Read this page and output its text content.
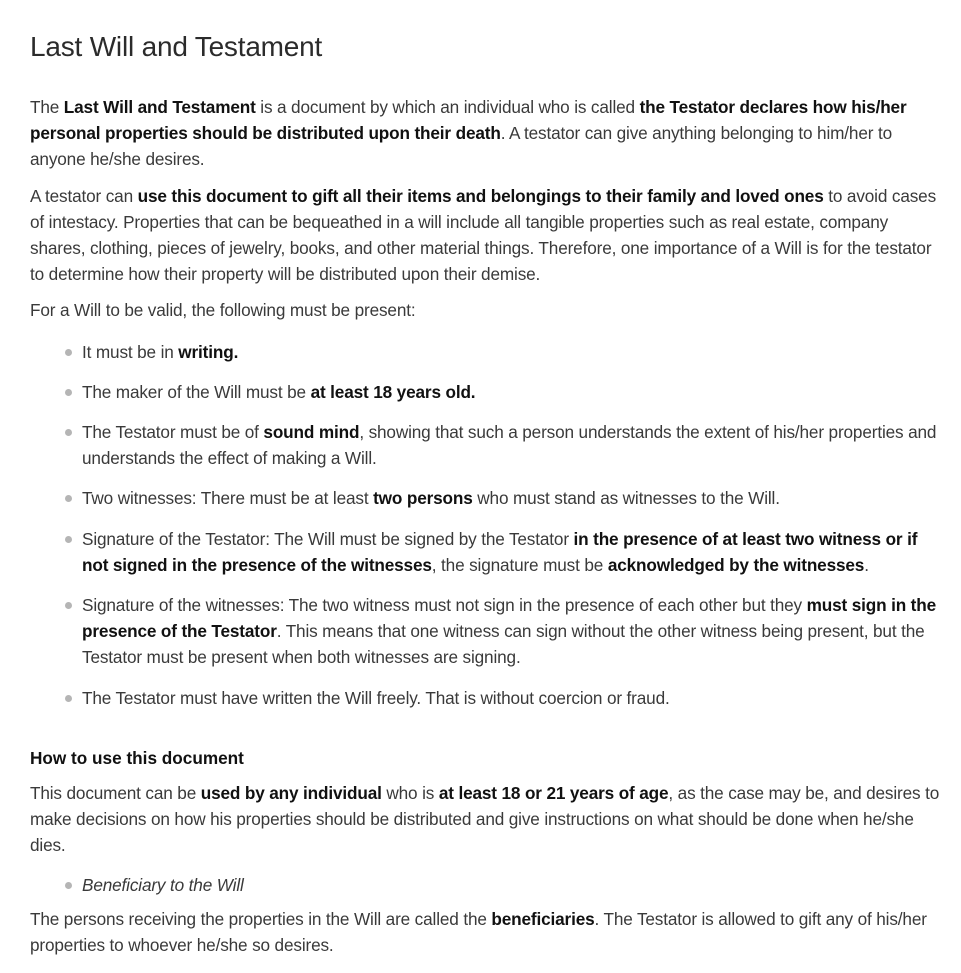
Last Will and Testament

The Last Will and Testament is a document by which an individual who is called the Testator declares how his/her personal properties should be distributed upon their death. A testator can give anything belonging to him/her to anyone he/she desires.

A testator can use this document to gift all their items and belongings to their family and loved ones to avoid cases of intestacy. Properties that can be bequeathed in a will include all tangible properties such as real estate, company shares, clothing, pieces of jewelry, books, and other material things. Therefore, one importance of a Will is for the testator to determine how their property will be distributed upon their demise.

For a Will to be valid, the following must be present:

It must be in writing.
The maker of the Will must be at least 18 years old.
The Testator must be of sound mind, showing that such a person understands the extent of his/her properties and understands the effect of making a Will.
Two witnesses: There must be at least two persons who must stand as witnesses to the Will.
Signature of the Testator: The Will must be signed by the Testator in the presence of at least two witness or if not signed in the presence of the witnesses, the signature must be acknowledged by the witnesses.
Signature of the witnesses: The two witness must not sign in the presence of each other but they must sign in the presence of the Testator. This means that one witness can sign without the other witness being present, but the Testator must be present when both witnesses are signing.
The Testator must have written the Will freely. That is without coercion or fraud.
How to use this document

This document can be used by any individual who is at least 18 or 21 years of age, as the case may be, and desires to make decisions on how his properties should be distributed and give instructions on what should be done when he/she dies.

Beneficiary to the Will

The persons receiving the properties in the Will are called the beneficiaries. The Testator is allowed to gift any of his/her properties to whoever he/she so desires.
